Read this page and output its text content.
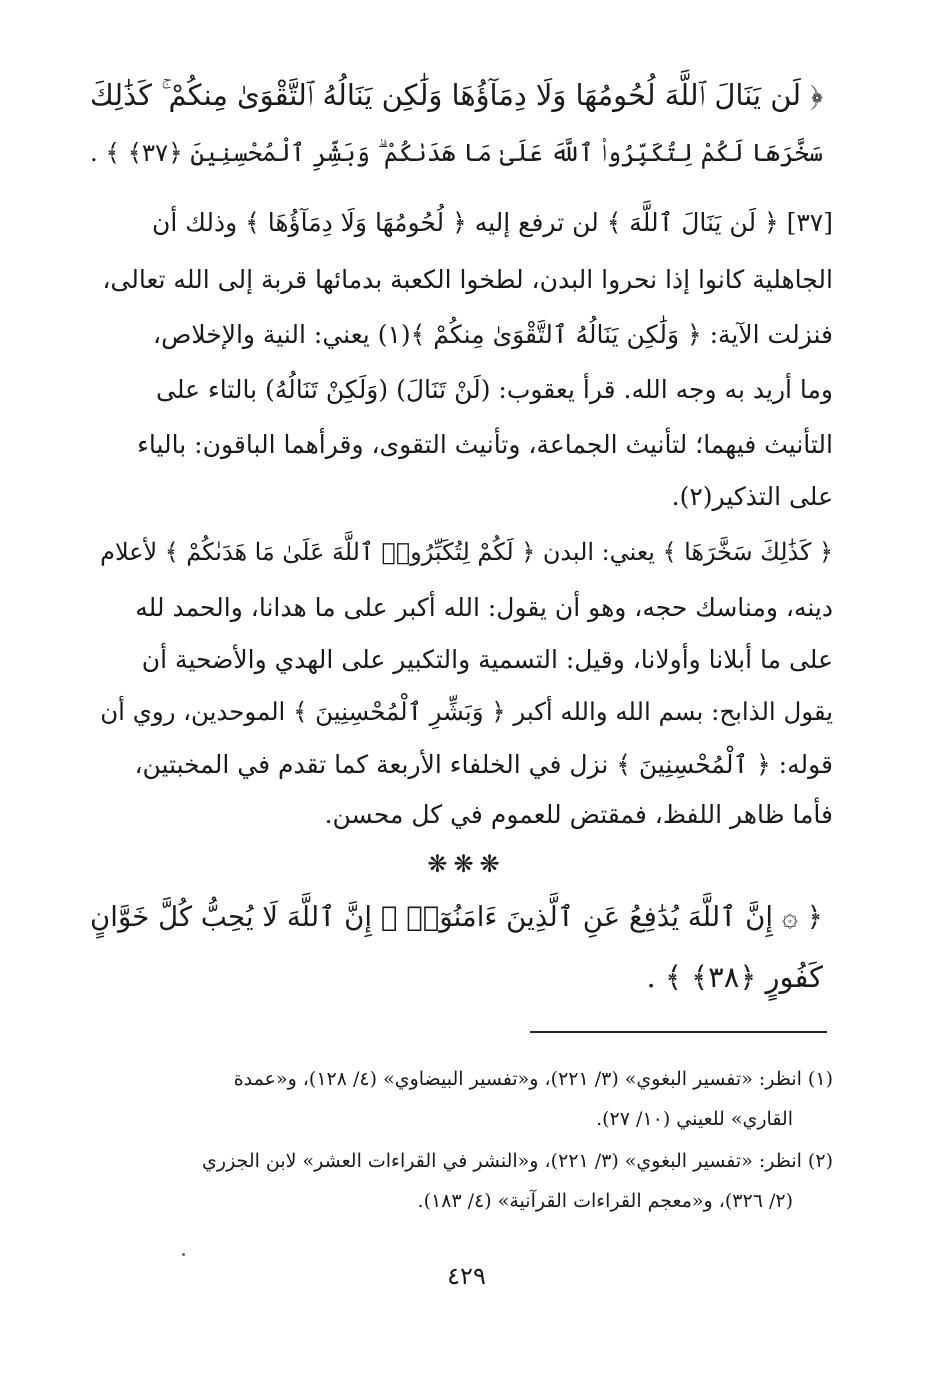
﴿ لَن يَنَالَ ٱللَّهَ لُحُومُهَا وَلَا دِمَآؤُهَا وَلَٰكِن يَنَالُهُ ٱلتَّقْوَىٰ مِنكُمْ ۚ كَذَٰلِكَ
سَخَّرَهَا لَكُمْ لِتُكَبِّرُوا۟ ٱللَّهَ عَلَىٰ مَا هَدَىٰكُمْ ۗ وَبَشِّرِ ٱلْمُحْسِنِينَ ﴿٣٧﴾ ﴾ .
[٣٧] ﴿ لَن يَنَالَ ٱللَّهَ ﴾ لن ترفع إليه ﴿ لُحُومُهَا وَلَا دِمَآؤُهَا ﴾ وذلك أن
الجاهلية كانوا إذا نحروا البدن، لطخوا الكعبة بدمائها قربة إلى الله تعالى،
فنزلت الآية: ﴿ وَلَٰكِن يَنَالُهُ ٱلتَّقْوَىٰ مِنكُمْ ﴾(١) يعني: النية والإخلاص،
وما أريد به وجه الله. قرأ يعقوب: (لَنْ تَنَالَ) (وَلَكِنْ تَنَالُهُ) بالتاء على
التأنيث فيهما؛ لتأنيث الجماعة، وتأنيث التقوى، وقرأهما الباقون: بالياء
على التذكير(٢).
﴿ كَذَٰلِكَ سَخَّرَهَا ﴾ يعني: البدن ﴿ لَكُمْ لِتُكَبِّرُوا۟ ٱللَّهَ عَلَىٰ مَا هَدَىٰكُمْ ﴾ لأعلام
دينه، ومناسك حجه، وهو أن يقول: الله أكبر على ما هدانا، والحمد لله
على ما أبلانا وأولانا، وقيل: التسمية والتكبير على الهدي والأضحية أن
يقول الذابح: بسم الله والله أكبر ﴿ وَبَشِّرِ ٱلْمُحْسِنِينَ ﴾ الموحدين، روي أن
قوله: ﴿ ٱلْمُحْسِنِينَ ﴾ نزل في الخلفاء الأربعة كما تقدم في المخبتين،
فأما ظاهر اللفظ، فمقتض للعموم في كل محسن.
❋❋❋
﴿ ۞ إِنَّ ٱللَّهَ يُدَٰفِعُ عَنِ ٱلَّذِينَ ءَامَنُوٓا۟ ۗ إِنَّ ٱللَّهَ لَا يُحِبُّ كُلَّ خَوَّانٍ
كَفُورٍ ﴿٣٨﴾ ﴾ .
(١) انظر: «تفسير البغوي» (٣/ ٢٢١)، و«تفسير البيضاوي» (٤/ ١٢٨)، و«عمدة
القاري» للعيني (١٠/ ٢٧).
(٢) انظر: «تفسير البغوي» (٣/ ٢٢١)، و«النشر في القراءات العشر» لابن الجزري
(٢/ ٣٢٦)، و«معجم القراءات القرآنية» (٤/ ١٨٣).
٤٢٩
